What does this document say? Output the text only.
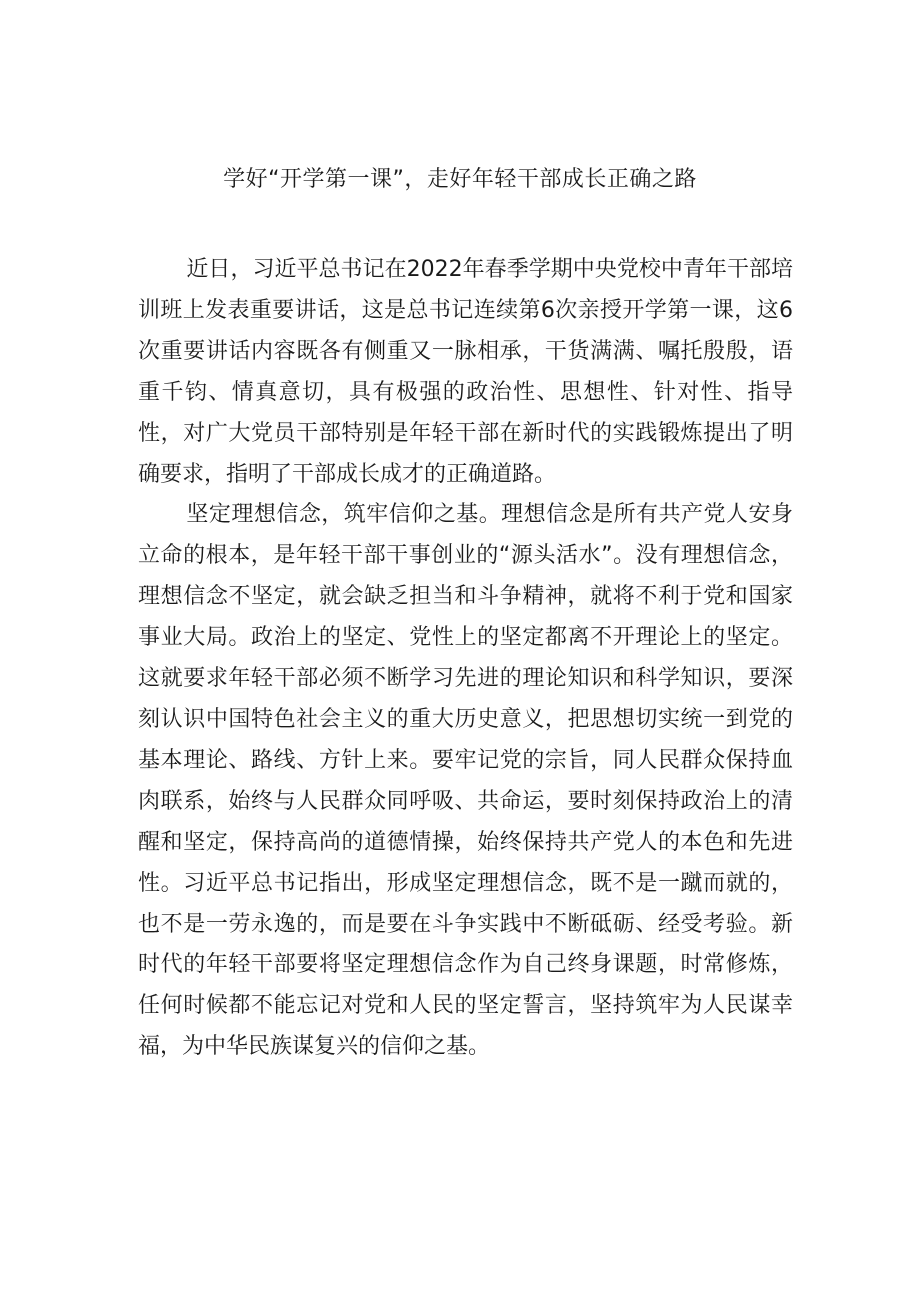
学好“开学第一课”，走好年轻干部成长正确之路

近日，习近平总书记在2022年春季学期中央党校中青年干部培训班上发表重要讲话，这是总书记连续第6次亲授开学第一课，这6次重要讲话内容既各有侧重又一脉相承，干货满满、嘱托殷殷，语重千钧、情真意切，具有极强的政治性、思想性、针对性、指导性，对广大党员干部特别是年轻干部在新时代的实践锻炼提出了明确要求，指明了干部成长成才的正确道路。

坚定理想信念，筑牢信仰之基。理想信念是所有共产党人安身立命的根本，是年轻干部干事创业的“源头活水”。没有理想信念，理想信念不坚定，就会缺乏担当和斗争精神，就将不利于党和国家事业大局。政治上的坚定、党性上的坚定都离不开理论上的坚定。这就要求年轻干部必须不断学习先进的理论知识和科学知识，要深刻认识中国特色社会主义的重大历史意义，把思想切实统一到党的基本理论、路线、方针上来。要牢记党的宗旨，同人民群众保持血肉联系，始终与人民群众同呼吸、共命运，要时刻保持政治上的清醒和坚定，保持高尚的道德情操，始终保持共产党人的本色和先进性。习近平总书记指出，形成坚定理想信念，既不是一蹴而就的，也不是一劳永逸的，而是要在斗争实践中不断砥砺、经受考验。新时代的年轻干部要将坚定理想信念作为自己终身课题，时常修炼，任何时候都不能忘记对党和人民的坚定誓言，坚持筑牢为人民谋幸福，为中华民族谋复兴的信仰之基。
